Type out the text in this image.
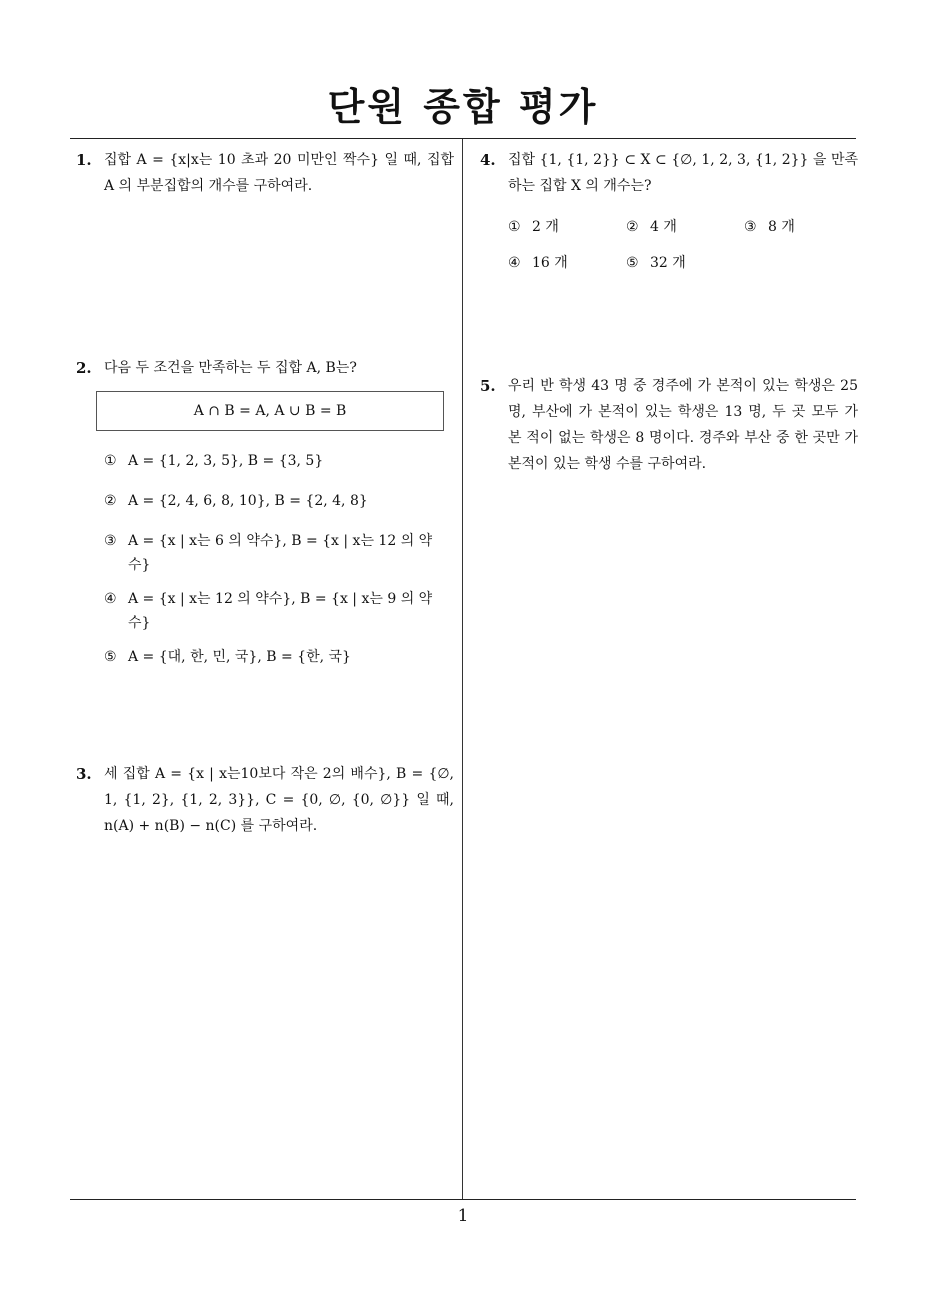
단원 종합 평가
1. 집합 A = {x|x는 10 초과 20 미만인 짝수} 일 때, 집합 A 의 부분집합의 개수를 구하여라.
2. 다음 두 조건을 만족하는 두 집합 A, B는?
A ∩ B = A, A ∪ B = B
① A = {1, 2, 3, 5}, B = {3, 5}
② A = {2, 4, 6, 8, 10}, B = {2, 4, 8}
③ A = {x | x는 6 의 약수}, B = {x | x는 12 의 약수}
④ A = {x | x는 12 의 약수}, B = {x | x는 9 의 약수}
⑤ A = {대, 한, 민, 국}, B = {한, 국}
3. 세 집합 A = {x | x는10보다 작은 2의 배수}, B = {∅, 1, {1, 2}, {1, 2, 3}}, C = {0, ∅, {0, ∅}} 일 때, n(A) + n(B) − n(C) 를 구하여라.
4. 집합 {1, {1, 2}} ⊂ X ⊂ {∅, 1, 2, 3, {1, 2}} 을 만족하는 집합 X 의 개수는?
① 2 개	② 4 개	③ 8 개
④ 16 개	⑤ 32 개
5. 우리 반 학생 43 명 중 경주에 가 본적이 있는 학생은 25 명, 부산에 가 본적이 있는 학생은 13 명, 두 곳 모두 가 본 적이 없는 학생은 8 명이다. 경주와 부산 중 한 곳만 가 본적이 있는 학생 수를 구하여라.
1
